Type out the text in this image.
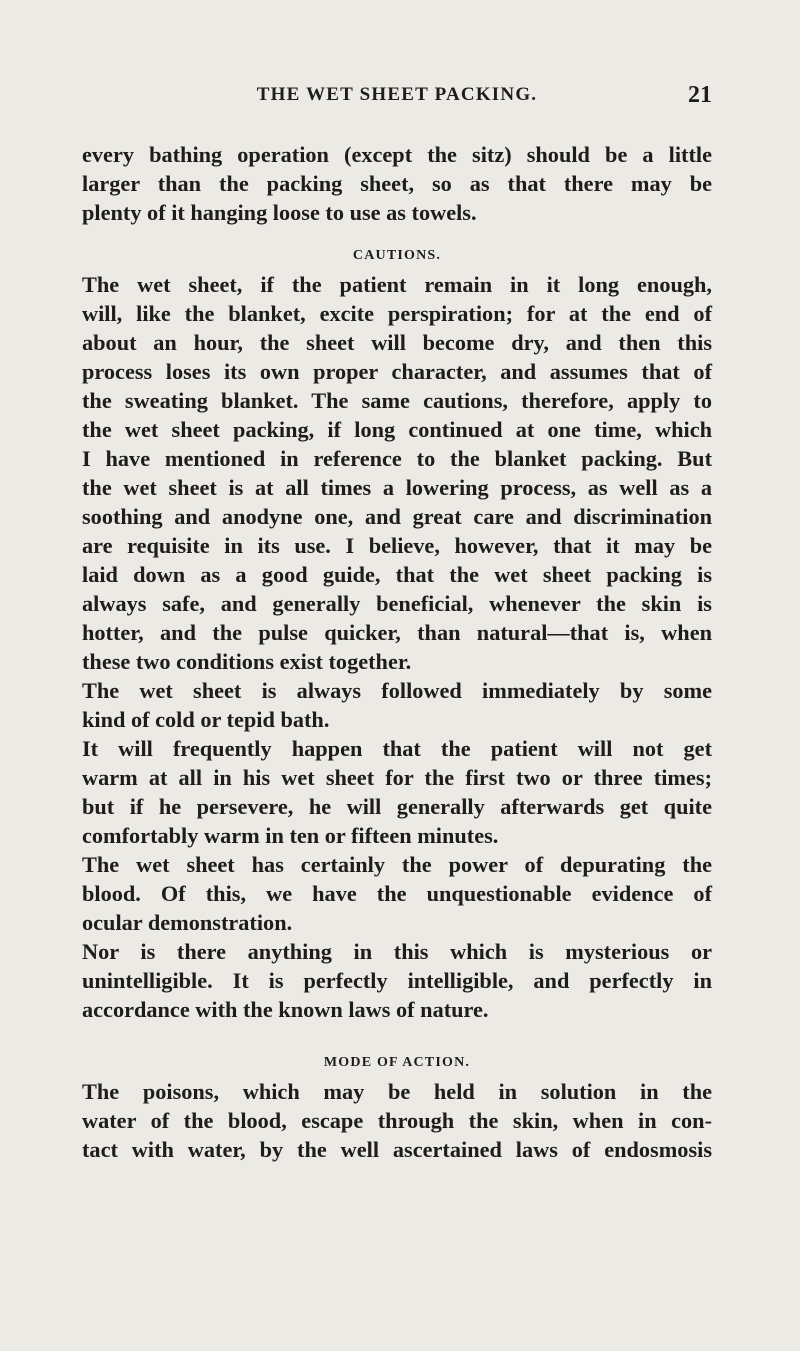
THE WET SHEET PACKING.	21

every bathing operation (except the sitz) should be a little

larger than the packing sheet, so as that there may be

plenty of it hanging loose to use as towels.

CAUTIONS.

The wet sheet, if the patient remain in it long enough,

will, like the blanket, excite perspiration; for at the end of

about an hour, the sheet will become dry, and then this

process loses its own proper character, and assumes that of

the sweating blanket. The same cautions, therefore, apply to

the wet sheet packing, if long continued at one time, which

I have mentioned in reference to the blanket packing. But

the wet sheet is at all times a lowering process, as well as a

soothing and anodyne one, and great care and discrimination

are requisite in its use. I believe, however, that it may be

laid down as a good guide, that the wet sheet packing is

always safe, and generally beneficial, whenever the skin is

hotter, and the pulse quicker, than natural—that is, when

these two conditions exist together.

The wet sheet is always followed immediately by some

kind of cold or tepid bath.

It will frequently happen that the patient will not get

warm at all in his wet sheet for the first two or three times;

but if he persevere, he will generally afterwards get quite

comfortably warm in ten or fifteen minutes.

The wet sheet has certainly the power of depurating the

blood. Of this, we have the unquestionable evidence of

ocular demonstration.

Nor is there anything in this which is mysterious or

unintelligible. It is perfectly intelligible, and perfectly in

accordance with the known laws of nature.

MODE OF ACTION.

The poisons, which may be held in solution in the

water of the blood, escape through the skin, when in con-

tact with water, by the well ascertained laws of endosmosis
